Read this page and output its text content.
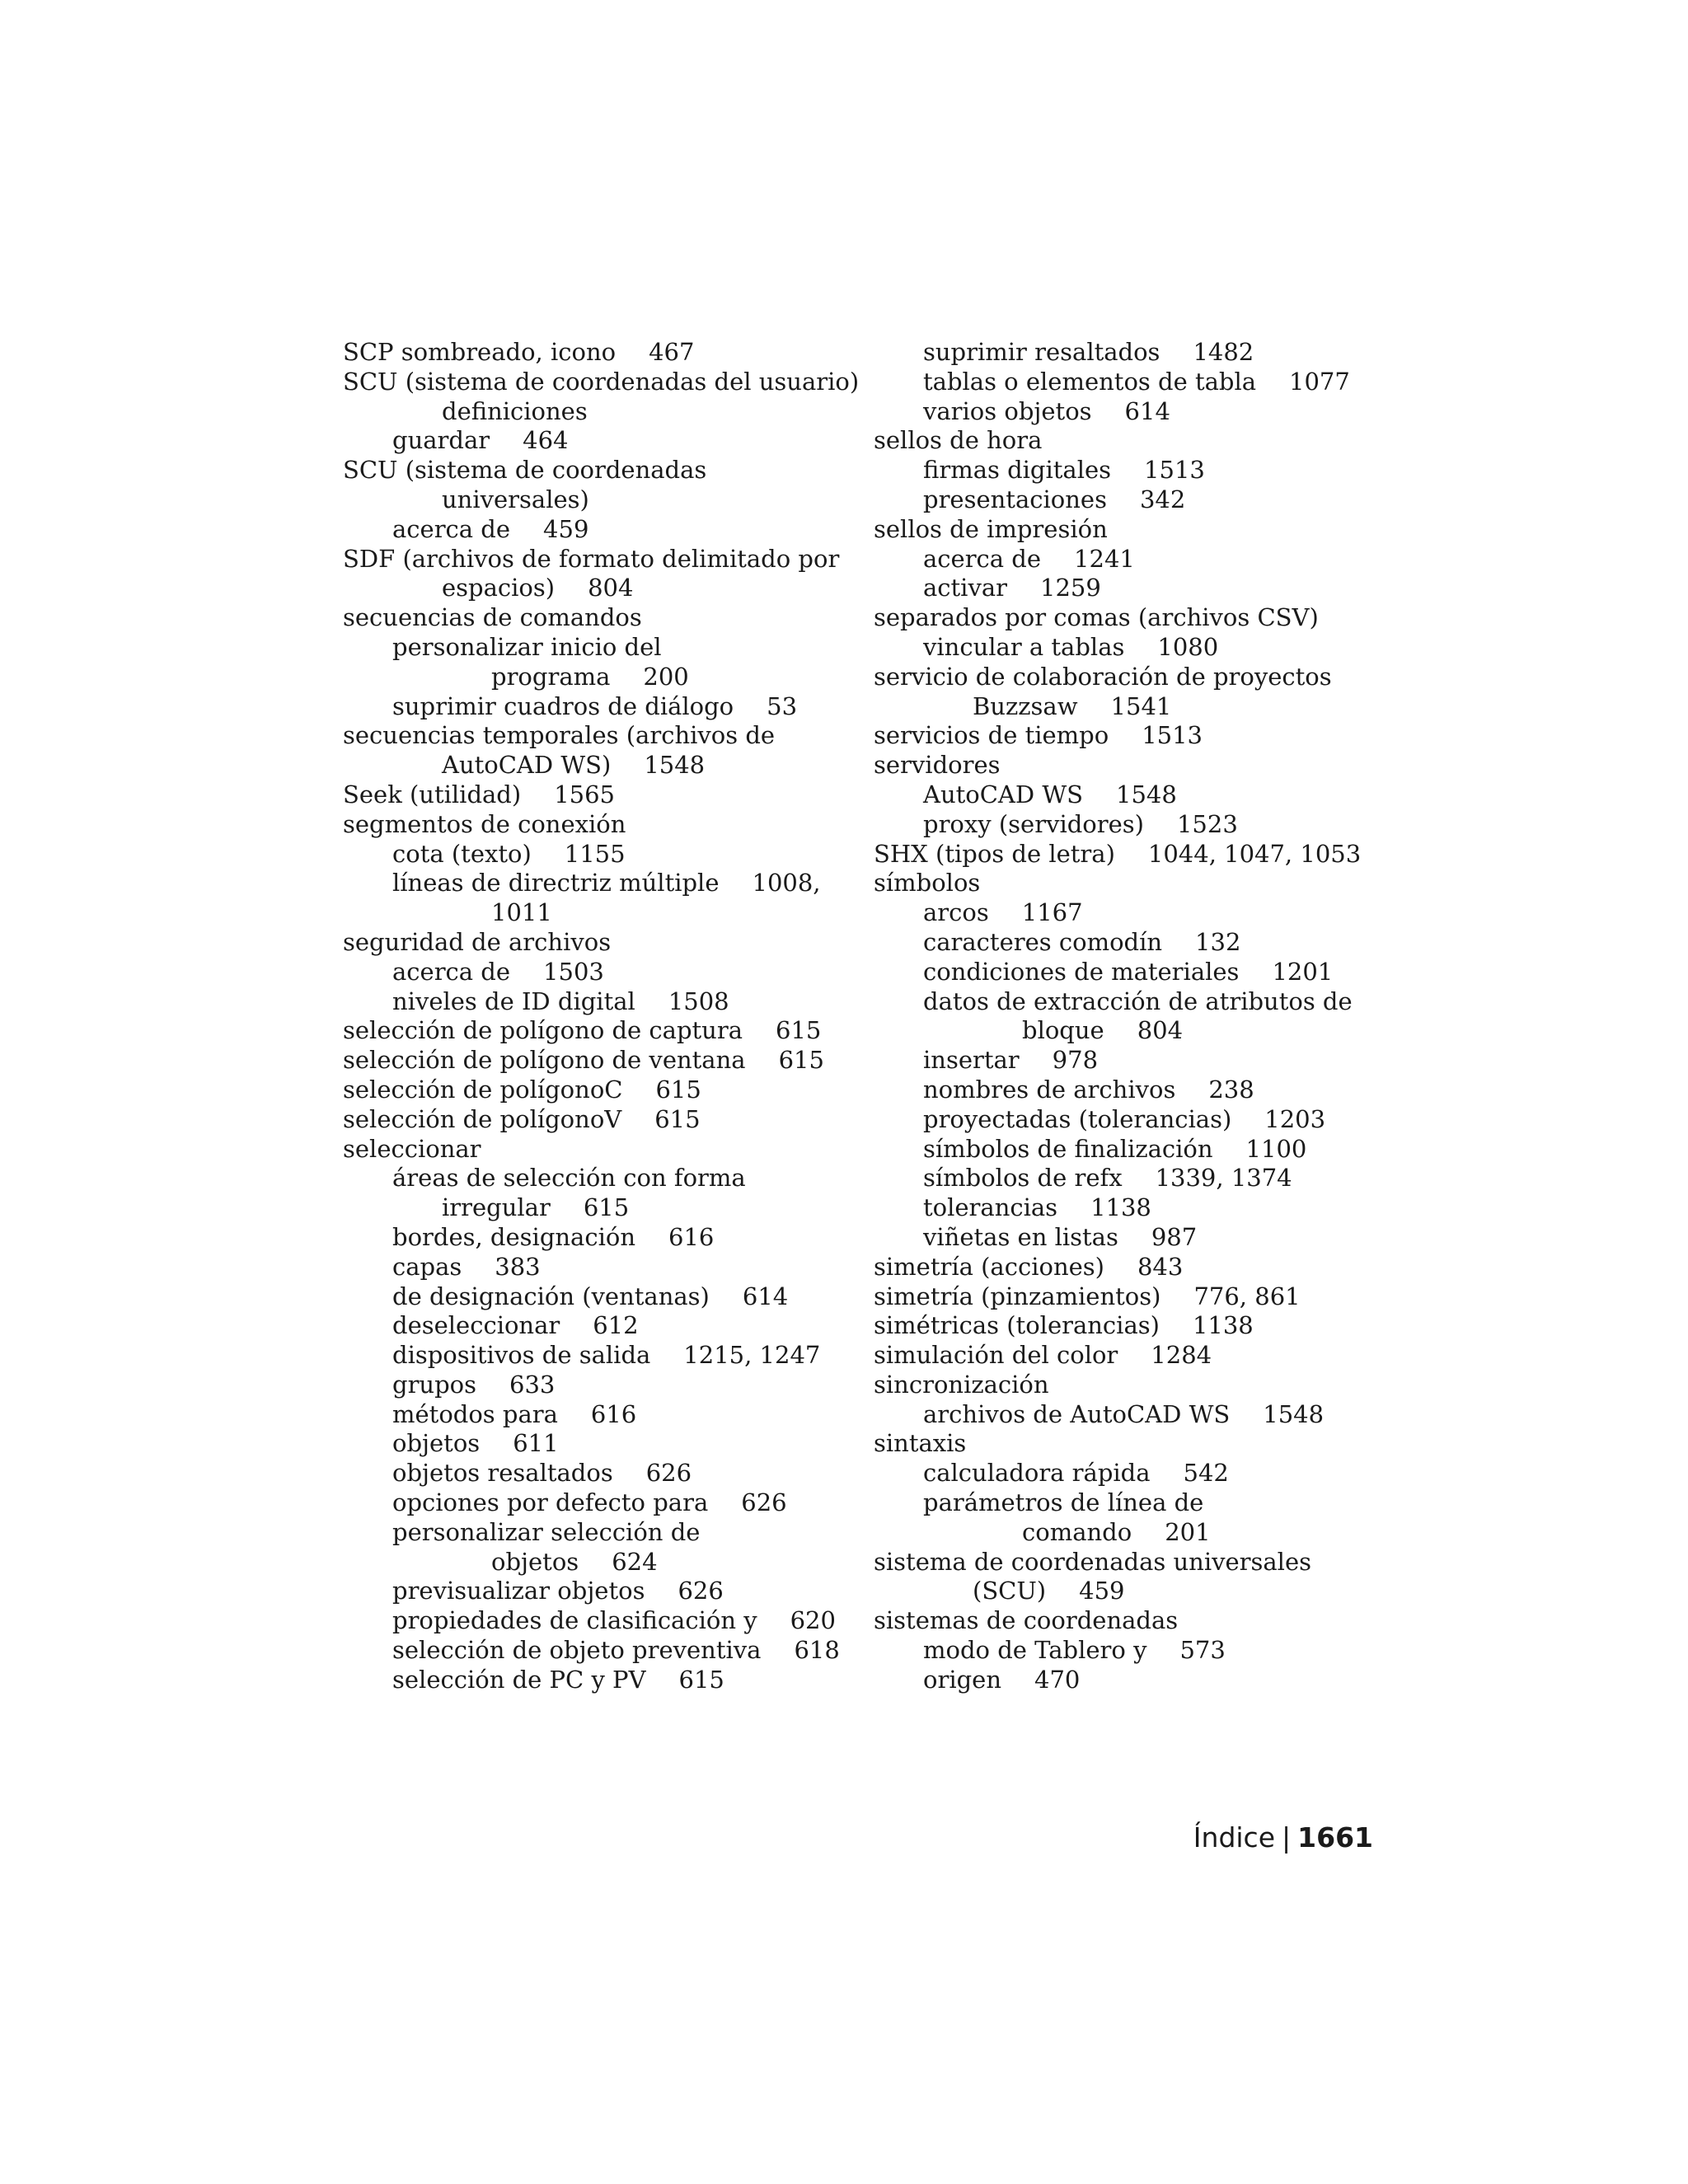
SCP sombreado, icono 467
SCU (sistema de coordenadas del usuario)
definiciones
guardar 464
SCU (sistema de coordenadas
universales)
acerca de 459
SDF (archivos de formato delimitado por
espacios) 804
secuencias de comandos
personalizar inicio del
programa 200
suprimir cuadros de diálogo 53
secuencias temporales (archivos de
AutoCAD WS) 1548
Seek (utilidad) 1565
segmentos de conexión
cota (texto) 1155
líneas de directriz múltiple 1008,
1011
seguridad de archivos
acerca de 1503
niveles de ID digital 1508
selección de polígono de captura 615
selección de polígono de ventana 615
selección de polígonoC 615
selección de polígonoV 615
seleccionar
áreas de selección con forma
irregular 615
bordes, designación 616
capas 383
de designación (ventanas) 614
deseleccionar 612
dispositivos de salida 1215, 1247
grupos 633
métodos para 616
objetos 611
objetos resaltados 626
opciones por defecto para 626
personalizar selección de
objetos 624
previsualizar objetos 626
propiedades de clasificación y 620
selección de objeto preventiva 618
selección de PC y PV 615
suprimir resaltados 1482
tablas o elementos de tabla 1077
varios objetos 614
sellos de hora
firmas digitales 1513
presentaciones 342
sellos de impresión
acerca de 1241
activar 1259
separados por comas (archivos CSV)
vincular a tablas 1080
servicio de colaboración de proyectos
Buzzsaw 1541
servicios de tiempo 1513
servidores
AutoCAD WS 1548
proxy (servidores) 1523
SHX (tipos de letra) 1044, 1047, 1053
símbolos
arcos 1167
caracteres comodín 132
condiciones de materiales 1201
datos de extracción de atributos de
bloque 804
insertar 978
nombres de archivos 238
proyectadas (tolerancias) 1203
símbolos de finalización 1100
símbolos de refx 1339, 1374
tolerancias 1138
viñetas en listas 987
simetría (acciones) 843
simetría (pinzamientos) 776, 861
simétricas (tolerancias) 1138
simulación del color 1284
sincronización
archivos de AutoCAD WS 1548
sintaxis
calculadora rápida 542
parámetros de línea de
comando 201
sistema de coordenadas universales
(SCU) 459
sistemas de coordenadas
modo de Tablero y 573
origen 470
Índice | 1661
